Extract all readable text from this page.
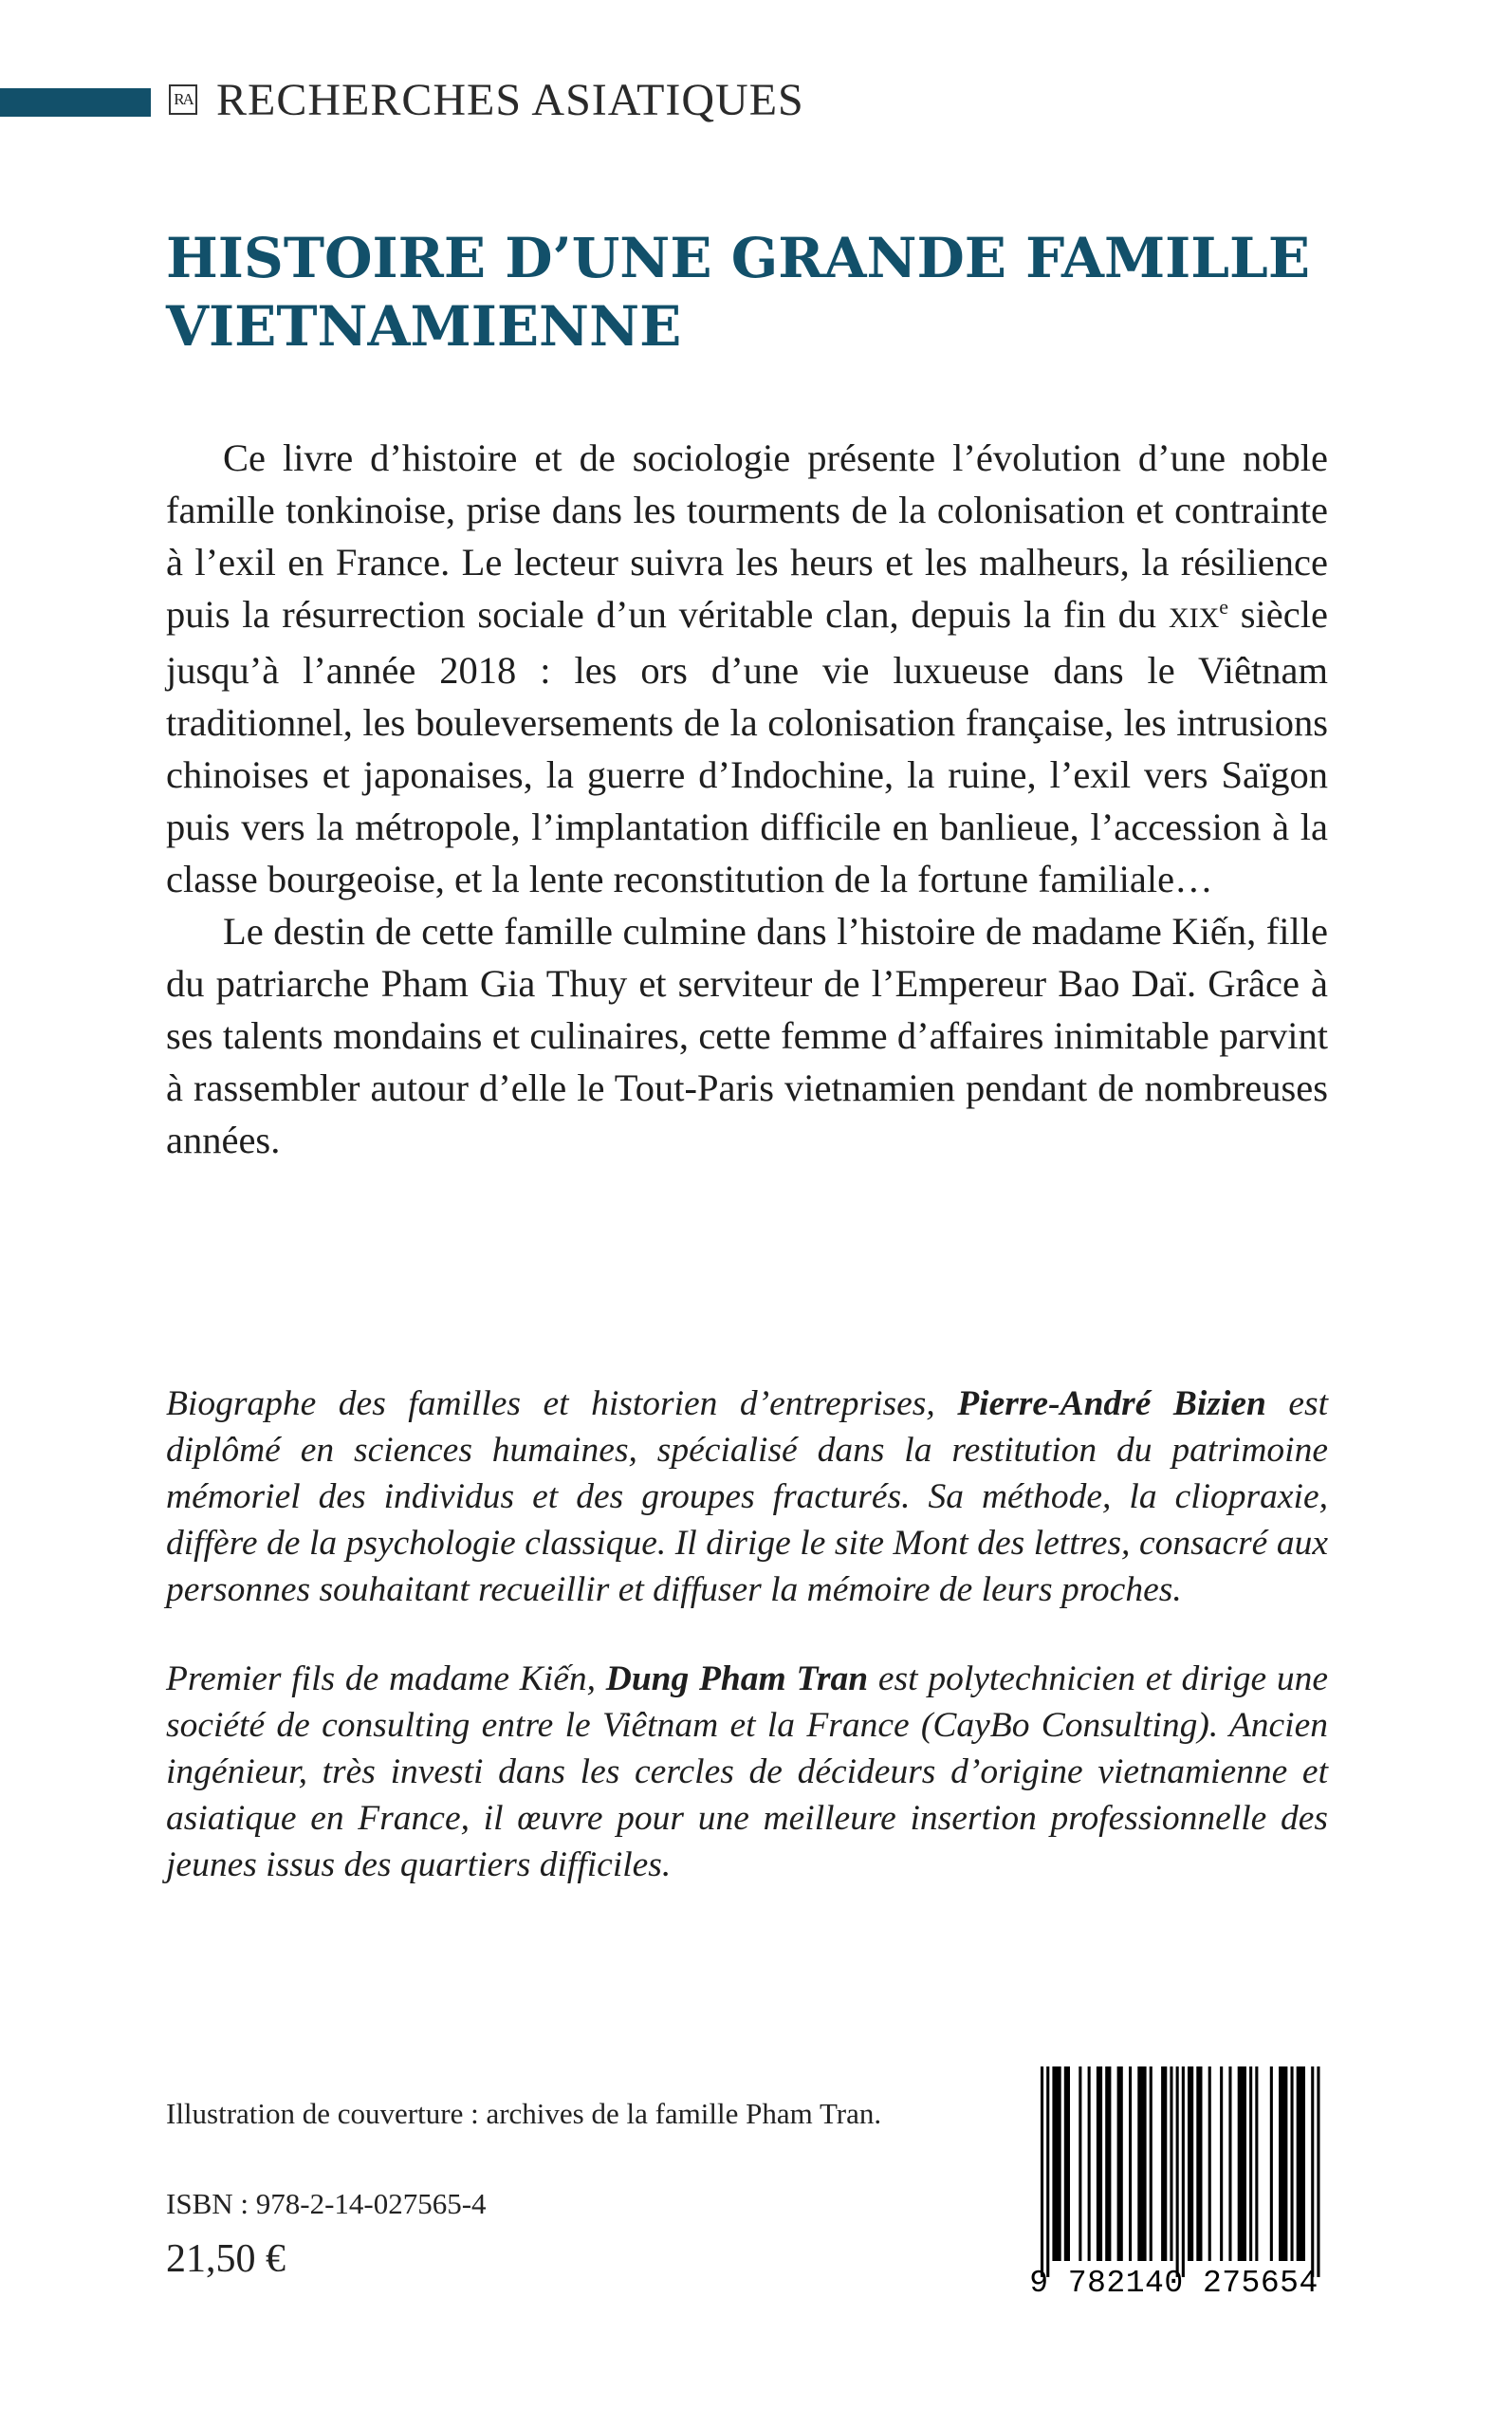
RA RECHERCHES ASIATIQUES
HISTOIRE D’UNE GRANDE FAMILLE
VIETNAMIENNE

Ce livre d’histoire et de sociologie présente l’évolution d’une noble famille tonkinoise, prise dans les tourments de la colonisation et contrainte à l’exil en France. Le lecteur suivra les heurs et les malheurs, la résilience puis la résurrection sociale d’un véritable clan, depuis la fin du XIXe siècle jusqu’à l’année 2018 : les ors d’une vie luxueuse dans le Viêtnam traditionnel, les bouleversements de la colonisation française, les intrusions chinoises et japonaises, la guerre d’Indochine, la ruine, l’exil vers Saïgon puis vers la métropole, l’implantation difficile en banlieue, l’accession à la classe bourgeoise, et la lente reconstitution de la fortune familiale…

Le destin de cette famille culmine dans l’histoire de madame Kiến, fille du patriarche Pham Gia Thuy et serviteur de l’Empereur Bao Daï. Grâce à ses talents mondains et culinaires, cette femme d’affaires inimitable parvint à rassembler autour d’elle le Tout-Paris vietnamien pendant de nombreuses années.

Biographe des familles et historien d’entreprises, Pierre-André Bizien est diplômé en sciences humaines, spécialisé dans la restitution du patrimoine mémoriel des individus et des groupes fracturés. Sa méthode, la cliopraxie, diffère de la psychologie classique. Il dirige le site Mont des lettres, consacré aux personnes souhaitant recueillir et diffuser la mémoire de leurs proches.

Premier fils de madame Kiến, Dung Pham Tran est polytechnicien et dirige une société de consulting entre le Viêtnam et la France (CayBo Consulting). Ancien ingénieur, très investi dans les cercles de décideurs d’origine vietnamienne et asiatique en France, il œuvre pour une meilleure insertion professionnelle des jeunes issus des quartiers difficiles.

Illustration de couverture : archives de la famille Pham Tran.
ISBN : 978-2-14-027565-4
21,50 €
9 782140 275654
